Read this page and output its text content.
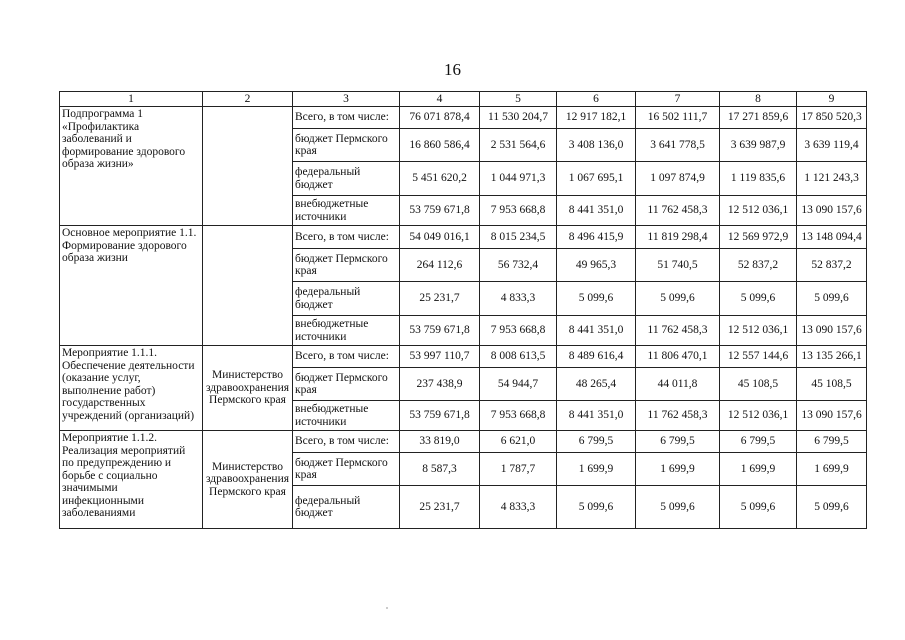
16
1	2	3	4	5	6	7	8	9
Подпрограмма 1 «Профилактика заболеваний и формирование здорового образа жизни»		Всего, в том числе:	76 071 878,4	11 530 204,7	12 917 182,1	16 502 111,7	17 271 859,6	17 850 520,3
		бюджет Пермского края	16 860 586,4	2 531 564,6	3 408 136,0	3 641 778,5	3 639 987,9	3 639 119,4
		федеральный бюджет	5 451 620,2	1 044 971,3	1 067 695,1	1 097 874,9	1 119 835,6	1 121 243,3
		внебюджетные источники	53 759 671,8	7 953 668,8	8 441 351,0	11 762 458,3	12 512 036,1	13 090 157,6
Основное мероприятие 1.1. Формирование здорового образа жизни		Всего, в том числе:	54 049 016,1	8 015 234,5	8 496 415,9	11 819 298,4	12 569 972,9	13 148 094,4
		бюджет Пермского края	264 112,6	56 732,4	49 965,3	51 740,5	52 837,2	52 837,2
		федеральный бюджет	25 231,7	4 833,3	5 099,6	5 099,6	5 099,6	5 099,6
		внебюджетные источники	53 759 671,8	7 953 668,8	8 441 351,0	11 762 458,3	12 512 036,1	13 090 157,6
Мероприятие 1.1.1. Обеспечение деятельности (оказание услуг, выполнение работ) государственных учреждений (организаций)	Министерство здравоохранения Пермского края	Всего, в том числе:	53 997 110,7	8 008 613,5	8 489 616,4	11 806 470,1	12 557 144,6	13 135 266,1
		бюджет Пермского края	237 438,9	54 944,7	48 265,4	44 011,8	45 108,5	45 108,5
		внебюджетные источники	53 759 671,8	7 953 668,8	8 441 351,0	11 762 458,3	12 512 036,1	13 090 157,6
Мероприятие 1.1.2. Реализация мероприятий по предупреждению и борьбе с социально значимыми инфекционными заболеваниями	Министерство здравоохранения Пермского края	Всего, в том числе:	33 819,0	6 621,0	6 799,5	6 799,5	6 799,5	6 799,5
		бюджет Пермского края	8 587,3	1 787,7	1 699,9	1 699,9	1 699,9	1 699,9
		федеральный бюджет	25 231,7	4 833,3	5 099,6	5 099,6	5 099,6	5 099,6
